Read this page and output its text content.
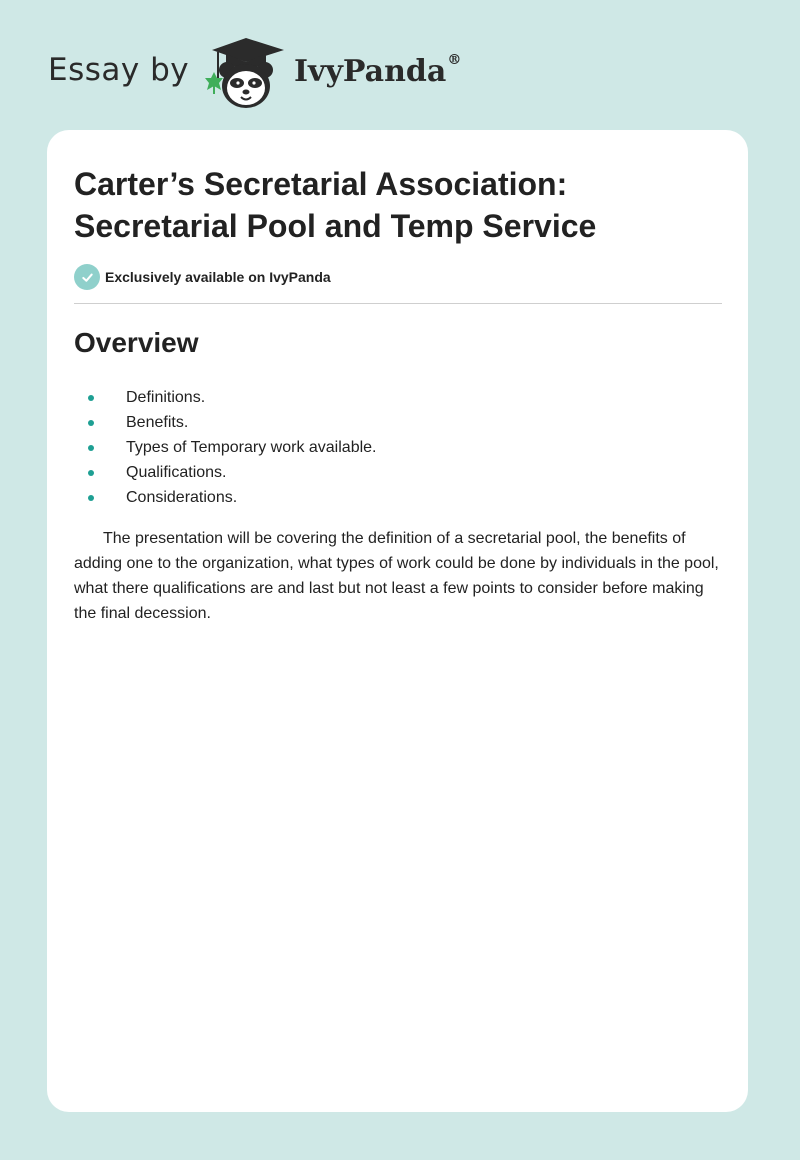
Essay by	IvyPanda®
Carter’s Secretarial Association: Secretarial Pool and Temp Service
Exclusively available on IvyPanda
Overview
Definitions.
Benefits.
Types of Temporary work available.
Qualifications.
Considerations.

The presentation will be covering the definition of a secretarial pool, the benefits of adding one to the organization, what types of work could be done by individuals in the pool, what there qualifications are and last but not least a few points to consider before making the final decession.
